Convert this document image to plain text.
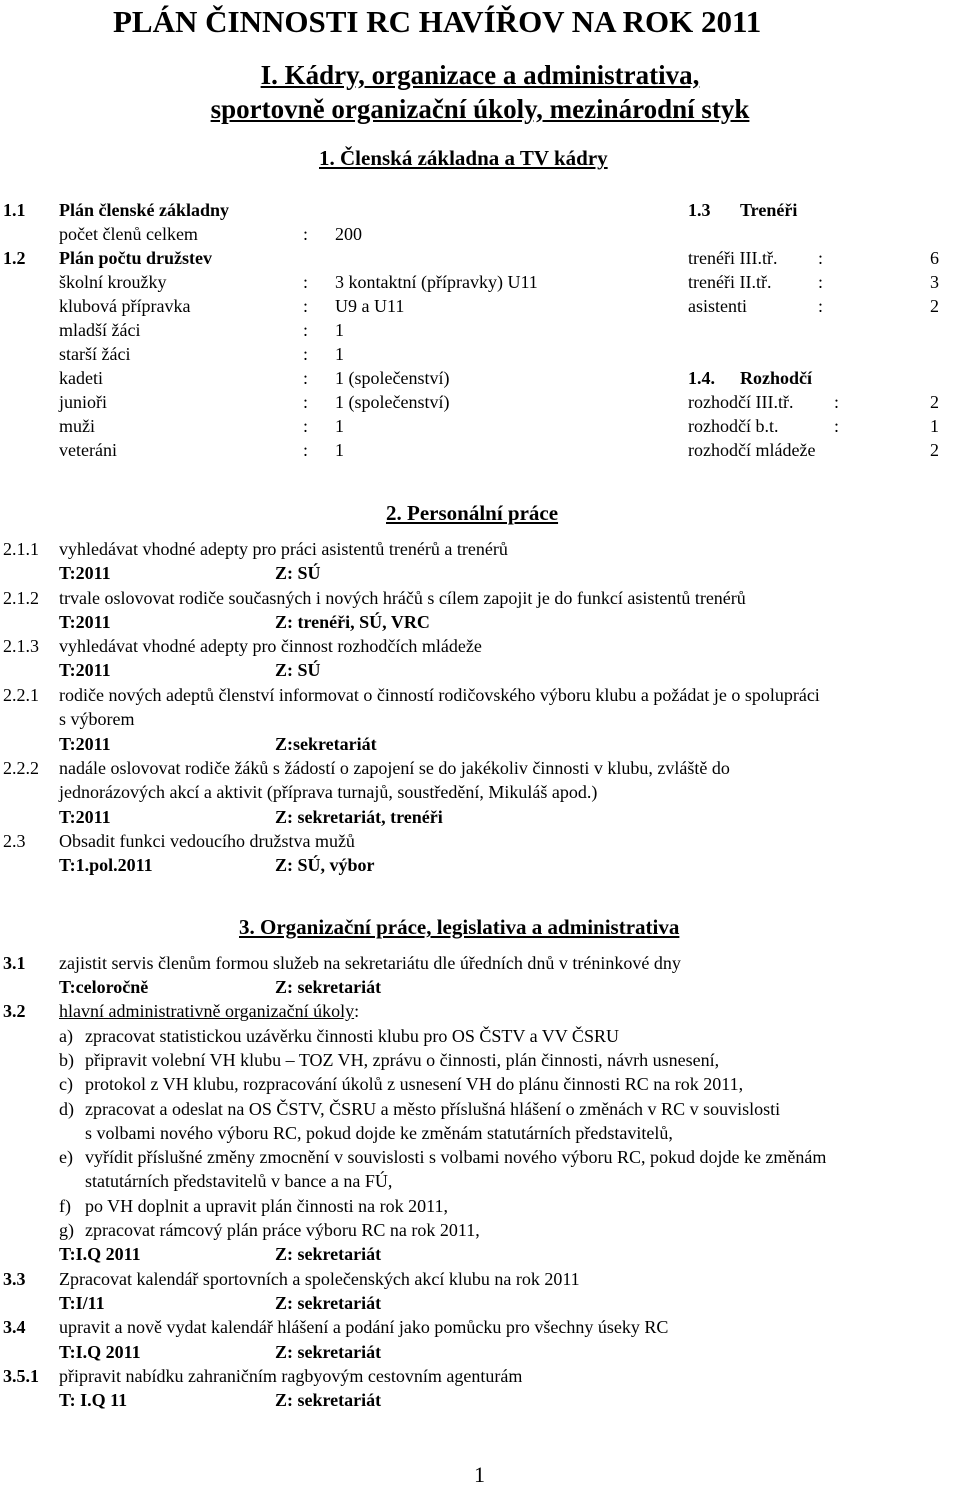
PLÁN ČINNOSTI RC HAVÍŘOV NA ROK 2011
I. Kádry, organizace a administrativa,
sportovně organizační úkoly, mezinárodní styk
1. Členská základna a TV kádry
1.1 Plán členské základny
počet členů celkem	: 200
1.2 Plán počtu družstev
školní kroužky	: 3 kontaktní (přípravky) U11
klubová přípravka	: U9 a U11
mladší žáci	: 1
starší žáci	: 1
kadeti	: 1 (společenství)
junioři	: 1 (společenství)
muži	: 1
veteráni	: 1
1.3 Trenéři
trenéři III.tř. :	6
trenéři II.tř.	:	3
asistenti	:	2
1.4. Rozhodčí
rozhodčí III.tř. :	2
rozhodčí b.t.	:	1
rozhodčí mládeže	2
2. Personální práce
2.1.1 vyhledávat vhodné adepty pro práci asistentů trenérů a trenérů
T:2011	Z: SÚ
2.1.2 trvale oslovovat rodiče současných i nových hráčů s cílem zapojit je do funkcí asistentů trenérů
T:2011	Z: trenéři, SÚ, VRC
2.1.3 vyhledávat vhodné adepty pro činnost rozhodčích mládeže
T:2011	Z: SÚ
2.2.1 rodiče nových adeptů členství informovat o činností rodičovského výboru klubu a požádat je o spolupráci
s výborem
T:2011	Z:sekretariát
2.2.2 nadále oslovovat rodiče žáků s žádostí o zapojení se do jakékoliv činnosti v klubu, zvláště do
jednorázových akcí a aktivit (příprava turnajů, soustředění, Mikuláš apod.)
T:2011	Z: sekretariát, trenéři
2.3 Obsadit funkci vedoucího družstva mužů
T:1.pol.2011	Z: SÚ, výbor
3. Organizační práce, legislativa a administrativa
3.1 zajistit servis členům formou služeb na sekretariátu dle úředních dnů v tréninkové dny
T:celoročně	Z: sekretariát
3.2 hlavní administrativně organizační úkoly:
a) zpracovat statistickou uzávěrku činnosti klubu pro OS ČSTV a VV ČSRU
b) připravit volební VH klubu – TOZ VH, zprávu o činnosti, plán činnosti, návrh usnesení,
c) protokol z VH klubu, rozpracování úkolů z usnesení VH do plánu činnosti RC na rok 2011,
d) zpracovat a odeslat na OS ČSTV, ČSRU a město příslušná hlášení o změnách v RC v souvislosti
s volbami nového výboru RC, pokud dojde ke změnám statutárních představitelů,
e) vyřídit příslušné změny zmocnění v souvislosti s volbami nového výboru RC, pokud dojde ke změnám
statutárních představitelů v bance a na FÚ,
f) po VH doplnit a upravit plán činnosti na rok 2011,
g) zpracovat rámcový plán práce výboru RC na rok 2011,
T:I.Q 2011	Z: sekretariát
3.3 Zpracovat kalendář sportovních a společenských akcí klubu na rok 2011
T:I/11	Z: sekretariát
3.4 upravit a nově vydat kalendář hlášení a podání jako pomůcku pro všechny úseky RC
T:I.Q 2011	Z: sekretariát
3.5.1 připravit nabídku zahraničním ragbyovým cestovním agenturám
T: I.Q 11	Z: sekretariát
1
